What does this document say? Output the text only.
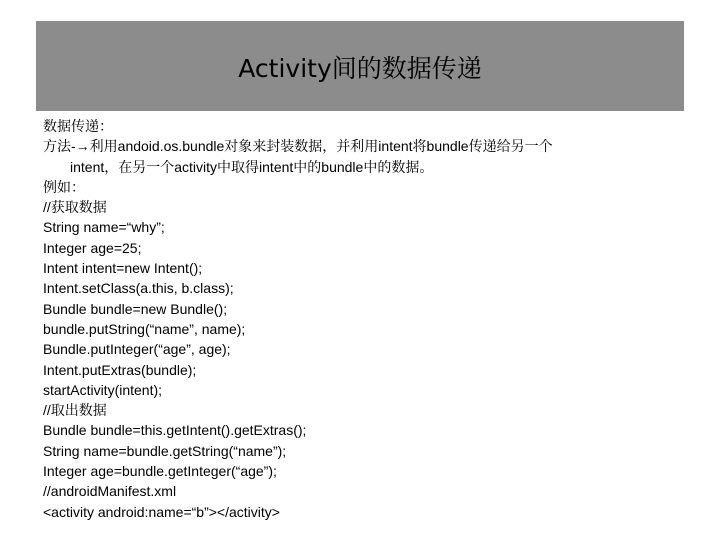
Activity间的数据传递
数据传递：
方法-→利用andoid.os.bundle对象来封装数据，并利用intent将bundle传递给另一个
intent，在另一个activity中取得intent中的bundle中的数据。
例如：
//获取数据
String name=“why”;
Integer age=25;
Intent intent=new Intent();
Intent.setClass(a.this, b.class);
Bundle bundle=new Bundle();
bundle.putString(“name”, name);
Bundle.putInteger(“age”, age);
Intent.putExtras(bundle);
startActivity(intent);
//取出数据
Bundle bundle=this.getIntent().getExtras();
String name=bundle.getString(“name”);
Integer age=bundle.getInteger(“age”);
//androidManifest.xml
<activity android:name=“b”></activity>
